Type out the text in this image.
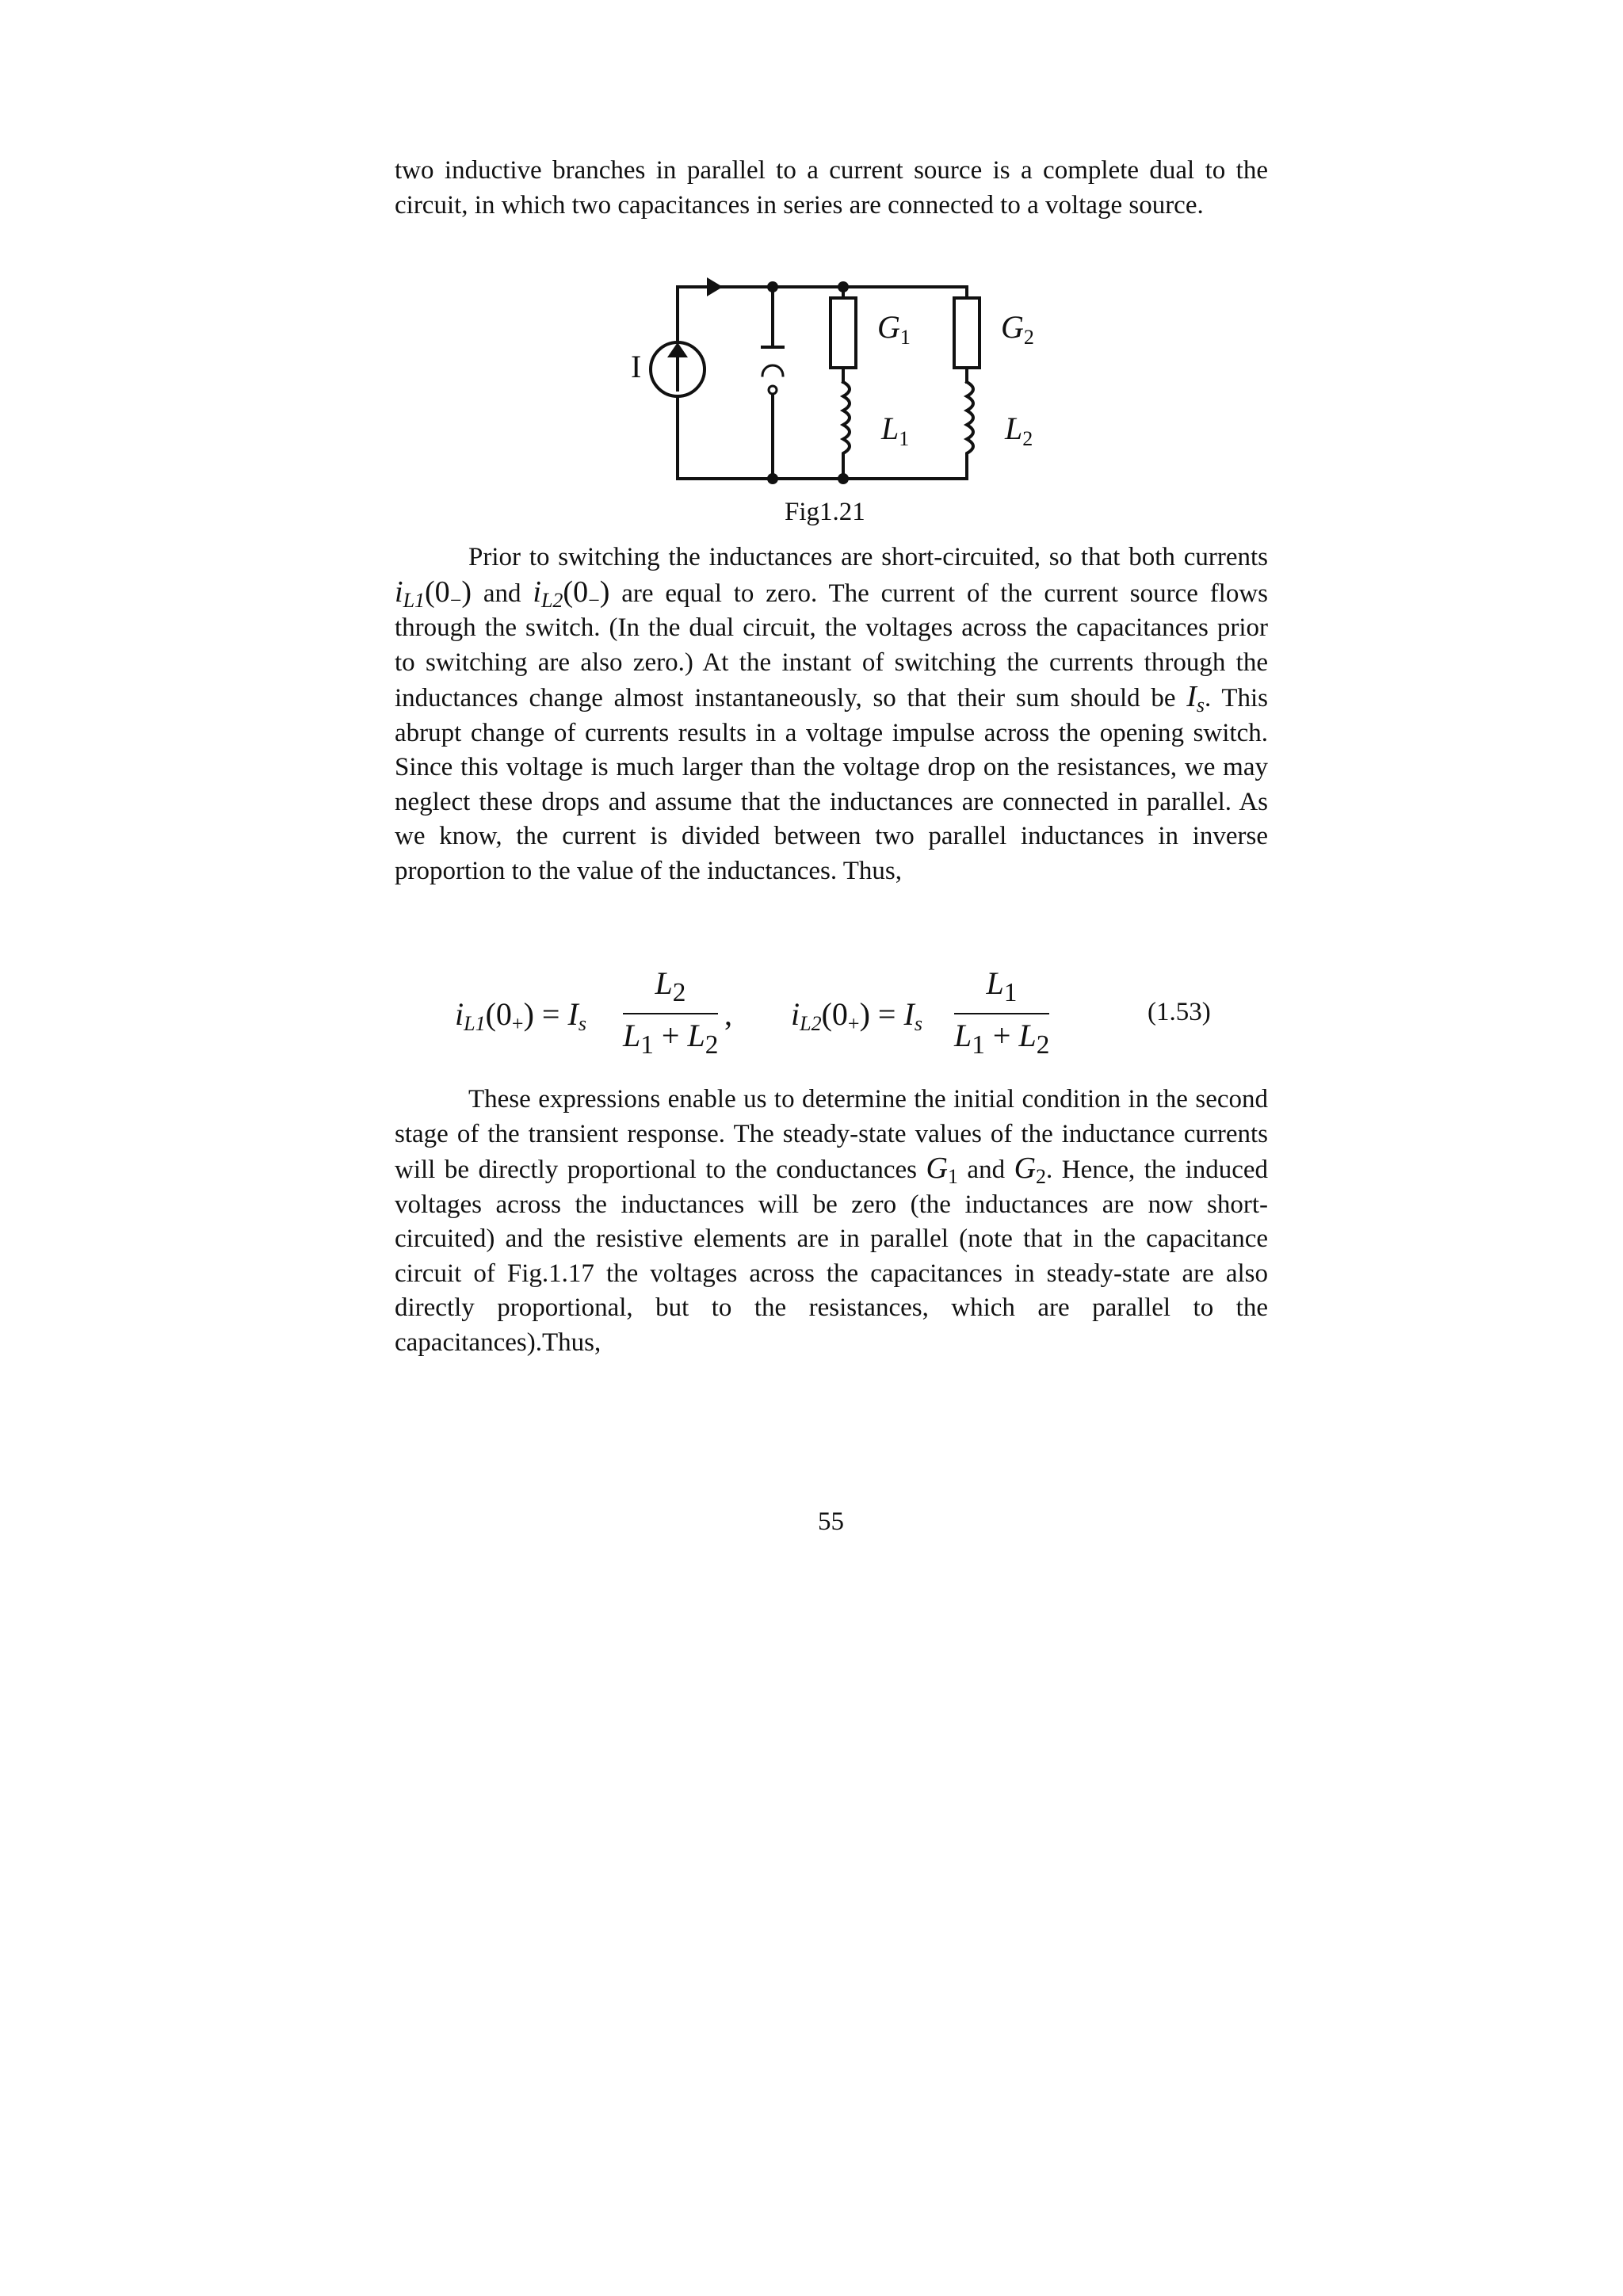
two inductive branches in parallel to a current source is a complete dual to the circuit, in which two capacitances in series are connected to a voltage source.

I
$G_1$	$G_2$
$L_1$	$L_2$
Fig1.21

Prior to switching the inductances are short-circuited, so that both currents $i_{L1}(0_-)$ and $i_{L2}(0_-)$ are equal to zero. The current of the current source flows through the switch. (In the dual circuit, the voltages across the capacitances prior to switching are also zero.) At the instant of switching the currents through the inductances change almost instantaneously, so that their sum should be $I_s$. This abrupt change of currents results in a voltage impulse across the opening switch. Since this voltage is much larger than the voltage drop on the resistances, we may neglect these drops and assume that the inductances are connected in parallel. As we know, the current is divided between two parallel inductances in inverse proportion to the value of the inductances. Thus,

$i_{L1}(0_+) = I_s$
$L_2$
$L_1 + L_2$
, $i_{L2}(0_+) = I_s$
$L_1$
$L_1 + L_2$
(1.53)

These expressions enable us to determine the initial condition in the second stage of the transient response. The steady-state values of the inductance currents will be directly proportional to the conductances $G_1$ and $G_2$. Hence, the induced voltages across the inductances will be zero (the inductances are now short-circuited) and the resistive elements are in parallel (note that in the capacitance circuit of Fig.1.17 the voltages across the capacitances in steady-state are also directly proportional, but to the resistances, which are parallel to the capacitances).Thus,

55
